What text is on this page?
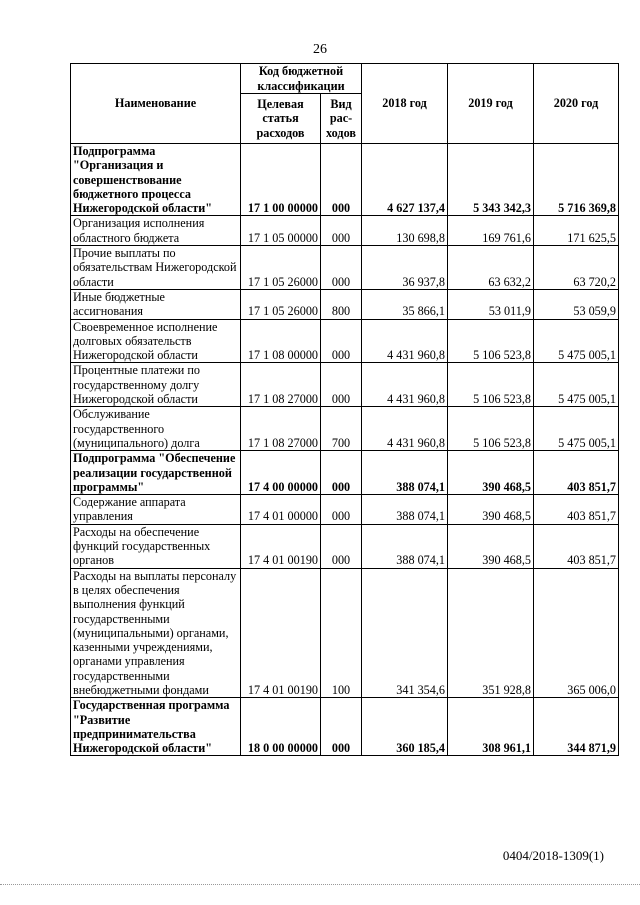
26
Наименование	Код бюджетной классификации		2018 год	2019 год	2020 год
	Целевая статья расходов	Вид рас- ходов			
Подпрограмма "Организация и совершенствование бюджетного процесса Нижегородской области"	17 1 00 00000	000	4 627 137,4	5 343 342,3	5 716 369,8
Организация исполнения областного бюджета	17 1 05 00000	000	130 698,8	169 761,6	171 625,5
Прочие выплаты по обязательствам Нижегородской области	17 1 05 26000	000	36 937,8	63 632,2	63 720,2
Иные бюджетные ассигнования	17 1 05 26000	800	35 866,1	53 011,9	53 059,9
Своевременное исполнение долговых обязательств Нижегородской области	17 1 08 00000	000	4 431 960,8	5 106 523,8	5 475 005,1
Процентные платежи по государственному долгу Нижегородской области	17 1 08 27000	000	4 431 960,8	5 106 523,8	5 475 005,1
Обслуживание государственного (муниципального) долга	17 1 08 27000	700	4 431 960,8	5 106 523,8	5 475 005,1
Подпрограмма "Обеспечение реализации государственной программы"	17 4 00 00000	000	388 074,1	390 468,5	403 851,7
Содержание аппарата управления	17 4 01 00000	000	388 074,1	390 468,5	403 851,7
Расходы на обеспечение функций государственных органов	17 4 01 00190	000	388 074,1	390 468,5	403 851,7
Расходы на выплаты персоналу в целях обеспечения выполнения функций государственными (муниципальными) органами, казенными учреждениями, органами управления государственными внебюджетными фондами	17 4 01 00190	100	341 354,6	351 928,8	365 006,0
Государственная программа "Развитие предпринимательства Нижегородской области"	18 0 00 00000	000	360 185,4	308 961,1	344 871,9
0404/2018-1309(1)
